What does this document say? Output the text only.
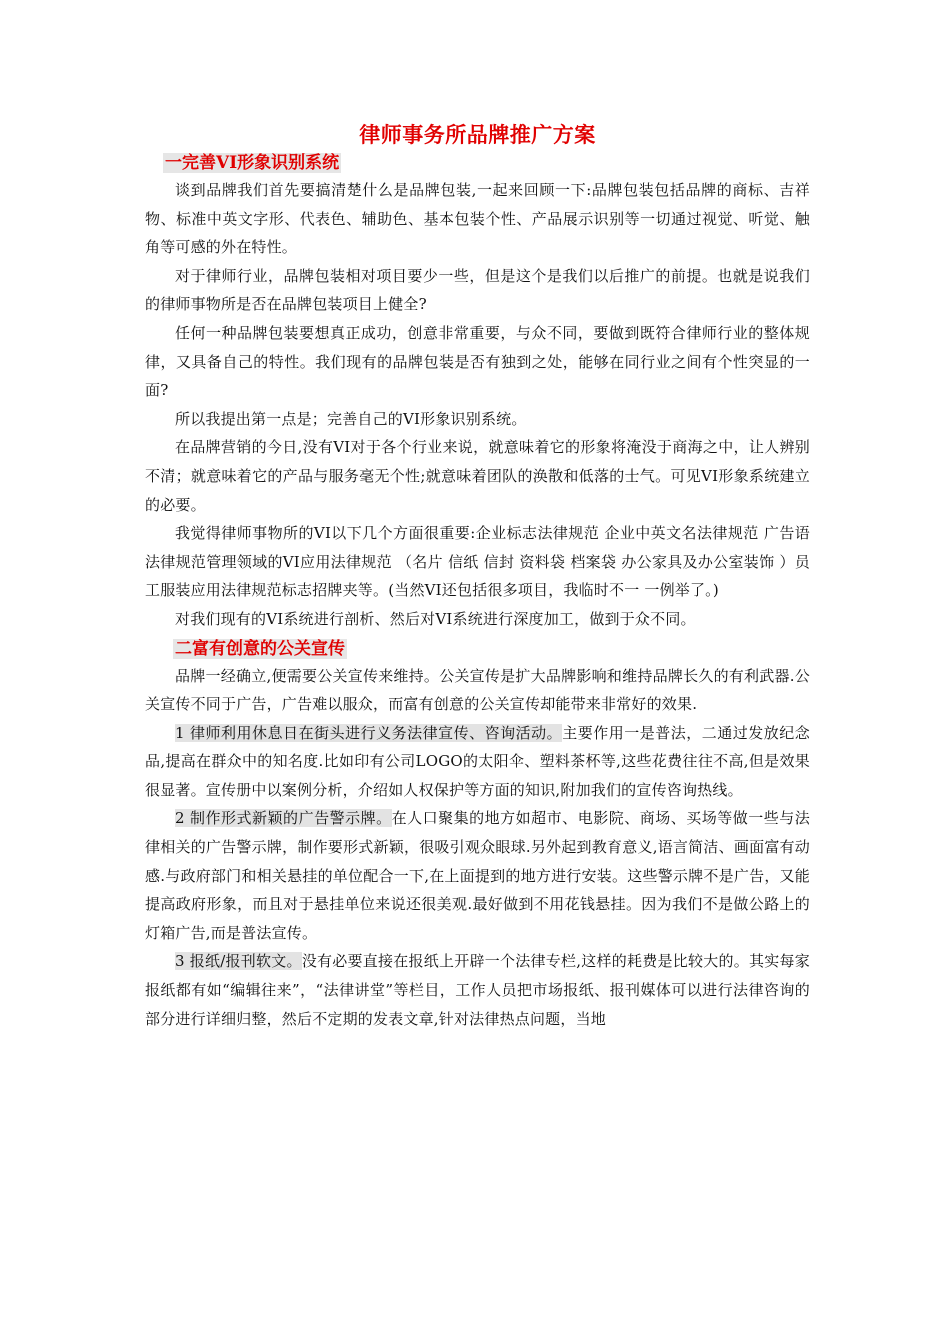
律师事务所品牌推广方案
一完善VI形象识别系统

谈到品牌我们首先要搞清楚什么是品牌包装,一起来回顾一下:品牌包装包括品牌的商标、吉祥物、标准中英文字形、代表色、辅助色、基本包装个性、产品展示识别等一切通过视觉、听觉、触角等可感的外在特性。

对于律师行业，品牌包装相对项目要少一些，但是这个是我们以后推广的前提。也就是说我们的律师事物所是否在品牌包装项目上健全?

任何一种品牌包装要想真正成功，创意非常重要，与众不同，要做到既符合律师行业的整体规律，又具备自己的特性。我们现有的品牌包装是否有独到之处，能够在同行业之间有个性突显的一面?

所以我提出第一点是；完善自己的VI形象识别系统。

在品牌营销的今日,没有VI对于各个行业来说，就意味着它的形象将淹没于商海之中，让人辨别不清；就意味着它的产品与服务毫无个性;就意味着团队的涣散和低落的士气。可见VI形象系统建立的必要。

我觉得律师事物所的VI以下几个方面很重要:企业标志法律规范 企业中英文名法律规范 广告语法律规范管理领域的VI应用法律规范 （名片 信纸 信封 资料袋 档案袋 办公家具及办公室装饰 ）员工服装应用法律规范标志招牌夹等。(当然VI还包括很多项目，我临时不一 一例举了。)

对我们现有的VI系统进行剖析、然后对VI系统进行深度加工，做到于众不同。

二富有创意的公关宣传

品牌一经确立,便需要公关宣传来维持。公关宣传是扩大品牌影响和维持品牌长久的有利武器.公关宣传不同于广告，广告难以服众，而富有创意的公关宣传却能带来非常好的效果.

1 律师利用休息日在街头进行义务法律宣传、咨询活动。主要作用一是普法，二通过发放纪念品,提高在群众中的知名度.比如印有公司LOGO的太阳伞、塑料茶杯等,这些花费往往不高,但是效果很显著。宣传册中以案例分析，介绍如人权保护等方面的知识,附加我们的宣传咨询热线。

2 制作形式新颖的广告警示牌。在人口聚集的地方如超市、电影院、商场、买场等做一些与法律相关的广告警示牌，制作要形式新颖，很吸引观众眼球.另外起到教育意义,语言简洁、画面富有动感.与政府部门和相关悬挂的单位配合一下,在上面提到的地方进行安装。这些警示牌不是广告，又能提高政府形象，而且对于悬挂单位来说还很美观.最好做到不用花钱悬挂。因为我们不是做公路上的灯箱广告,而是普法宣传。

3 报纸/报刊软文。没有必要直接在报纸上开辟一个法律专栏,这样的耗费是比较大的。其实每家报纸都有如“编辑往来”，“法律讲堂”等栏目，工作人员把市场报纸、报刊媒体可以进行法律咨询的部分进行详细归整，然后不定期的发表文章,针对法律热点问题，当地
